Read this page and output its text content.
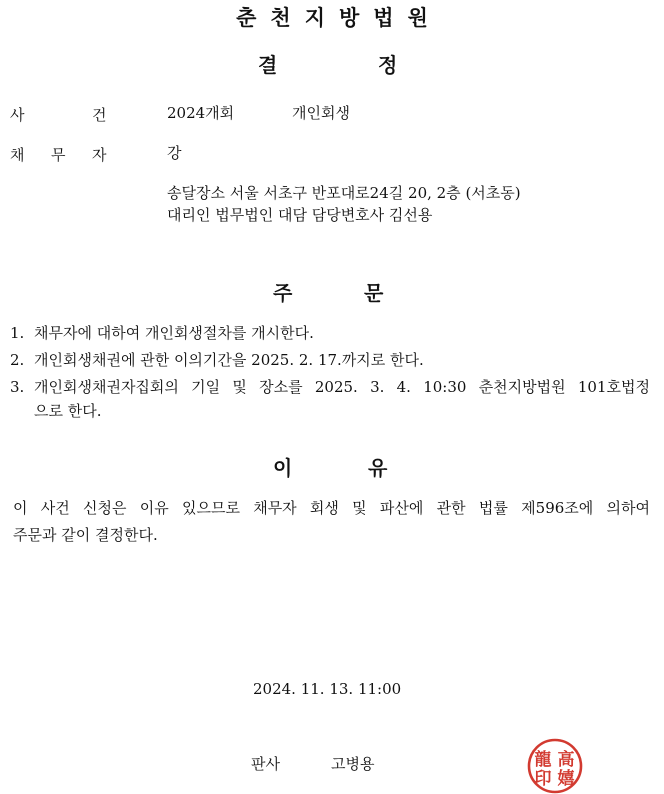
춘천지방법원
결	정
사	건	2024개회	개인회생
채 무 자	강
송달장소 서울 서초구 반포대로24길 20, 2층 (서초동)
대리인 법무법인 대담 담당변호사 김선용
주	문
1. 채무자에 대하여 개인회생절차를 개시한다.
2. 개인회생채권에 관한 이의기간을 2025. 2. 17.까지로 한다.
3. 개인회생채권자집회의 기일 및 장소를 2025. 3. 4. 10:30 춘천지방법원 101호법정
으로 한다.
이	유
이 사건 신청은 이유 있으므로 채무자 회생 및 파산에 관한 법률 제596조에 의하여
주문과 같이 결정한다.
2024. 11. 13. 11:00
판사	고병용	龍 高
印 嬉
